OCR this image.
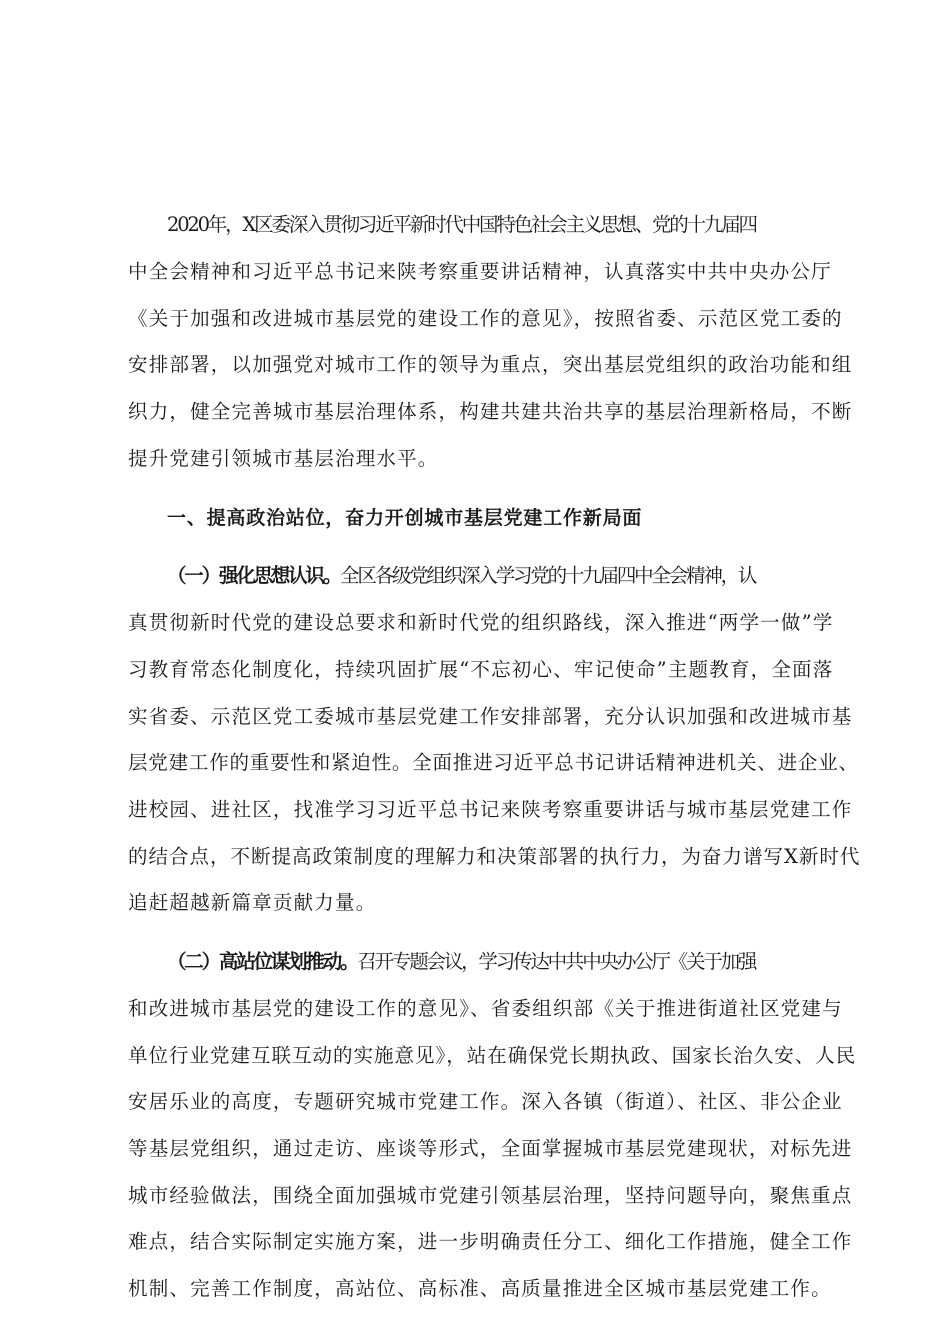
2020年，X区委深入贯彻习近平新时代中国特色社会主义思想、党的十九届四
中全会精神和习近平总书记来陕考察重要讲话精神，认真落实中共中央办公厅
《关于加强和改进城市基层党的建设工作的意见》，按照省委、示范区党工委的
安排部署，以加强党对城市工作的领导为重点，突出基层党组织的政治功能和组
织力，健全完善城市基层治理体系，构建共建共治共享的基层治理新格局，不断
提升党建引领城市基层治理水平。
一、提高政治站位，奋力开创城市基层党建工作新局面
（一）强化思想认识。全区各级党组织深入学习党的十九届四中全会精神，认
真贯彻新时代党的建设总要求和新时代党的组织路线，深入推进“两学一做”学
习教育常态化制度化，持续巩固扩展“不忘初心、牢记使命”主题教育，全面落
实省委、示范区党工委城市基层党建工作安排部署，充分认识加强和改进城市基
层党建工作的重要性和紧迫性。全面推进习近平总书记讲话精神进机关、进企业、
进校园、进社区，找准学习习近平总书记来陕考察重要讲话与城市基层党建工作
的结合点，不断提高政策制度的理解力和决策部署的执行力，为奋力谱写X新时代
追赶超越新篇章贡献力量。
（二）高站位谋划推动。召开专题会议，学习传达中共中央办公厅《关于加强
和改进城市基层党的建设工作的意见》、省委组织部《关于推进街道社区党建与
单位行业党建互联互动的实施意见》，站在确保党长期执政、国家长治久安、人民
安居乐业的高度，专题研究城市党建工作。深入各镇（街道）、社区、非公企业
等基层党组织，通过走访、座谈等形式，全面掌握城市基层党建现状，对标先进
城市经验做法，围绕全面加强城市党建引领基层治理，坚持问题导向，聚焦重点
难点，结合实际制定实施方案，进一步明确责任分工、细化工作措施，健全工作
机制、完善工作制度，高站位、高标准、高质量推进全区城市基层党建工作。
